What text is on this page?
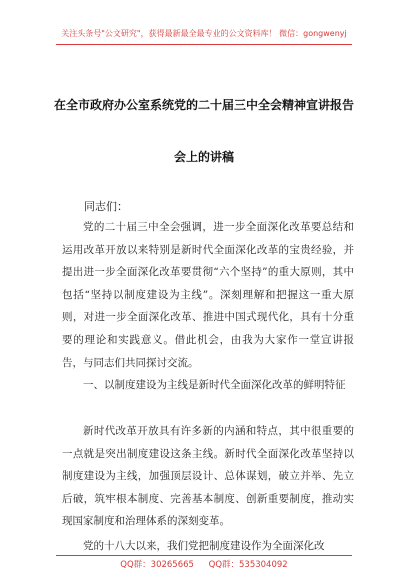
关注头条号"公文研究"，获得最新最全最专业的公文资料库！ 微信：gongwenyj
在全市政府办公室系统党的二十届三中全会精神宣讲报告
会上的讲稿
同志们：

党的二十届三中全会强调，进一步全面深化改革要总结和运用改革开放以来特别是新时代全面深化改革的宝贵经验，并提出进一步全面深化改革要贯彻“六个坚持”的重大原则，其中包括“坚持以制度建设为主线”。深刻理解和把握这一重大原则，对进一步全面深化改革、推进中国式现代化，具有十分重要的理论和实践意义。借此机会，由我为大家作一堂宣讲报告，与同志们共同探讨交流。

一、以制度建设为主线是新时代全面深化改革的鲜明特征

新时代改革开放具有许多新的内涵和特点，其中很重要的一点就是突出制度建设这条主线。新时代全面深化改革坚持以制度建设为主线，加强顶层设计、总体谋划，破立并举、先立后破，筑牢根本制度、完善基本制度、创新重要制度，推动实现国家制度和治理体系的深刻变革。

党的十八大以来，我们党把制度建设作为全面深化改

QQ群：30265665 QQ群：535304092
